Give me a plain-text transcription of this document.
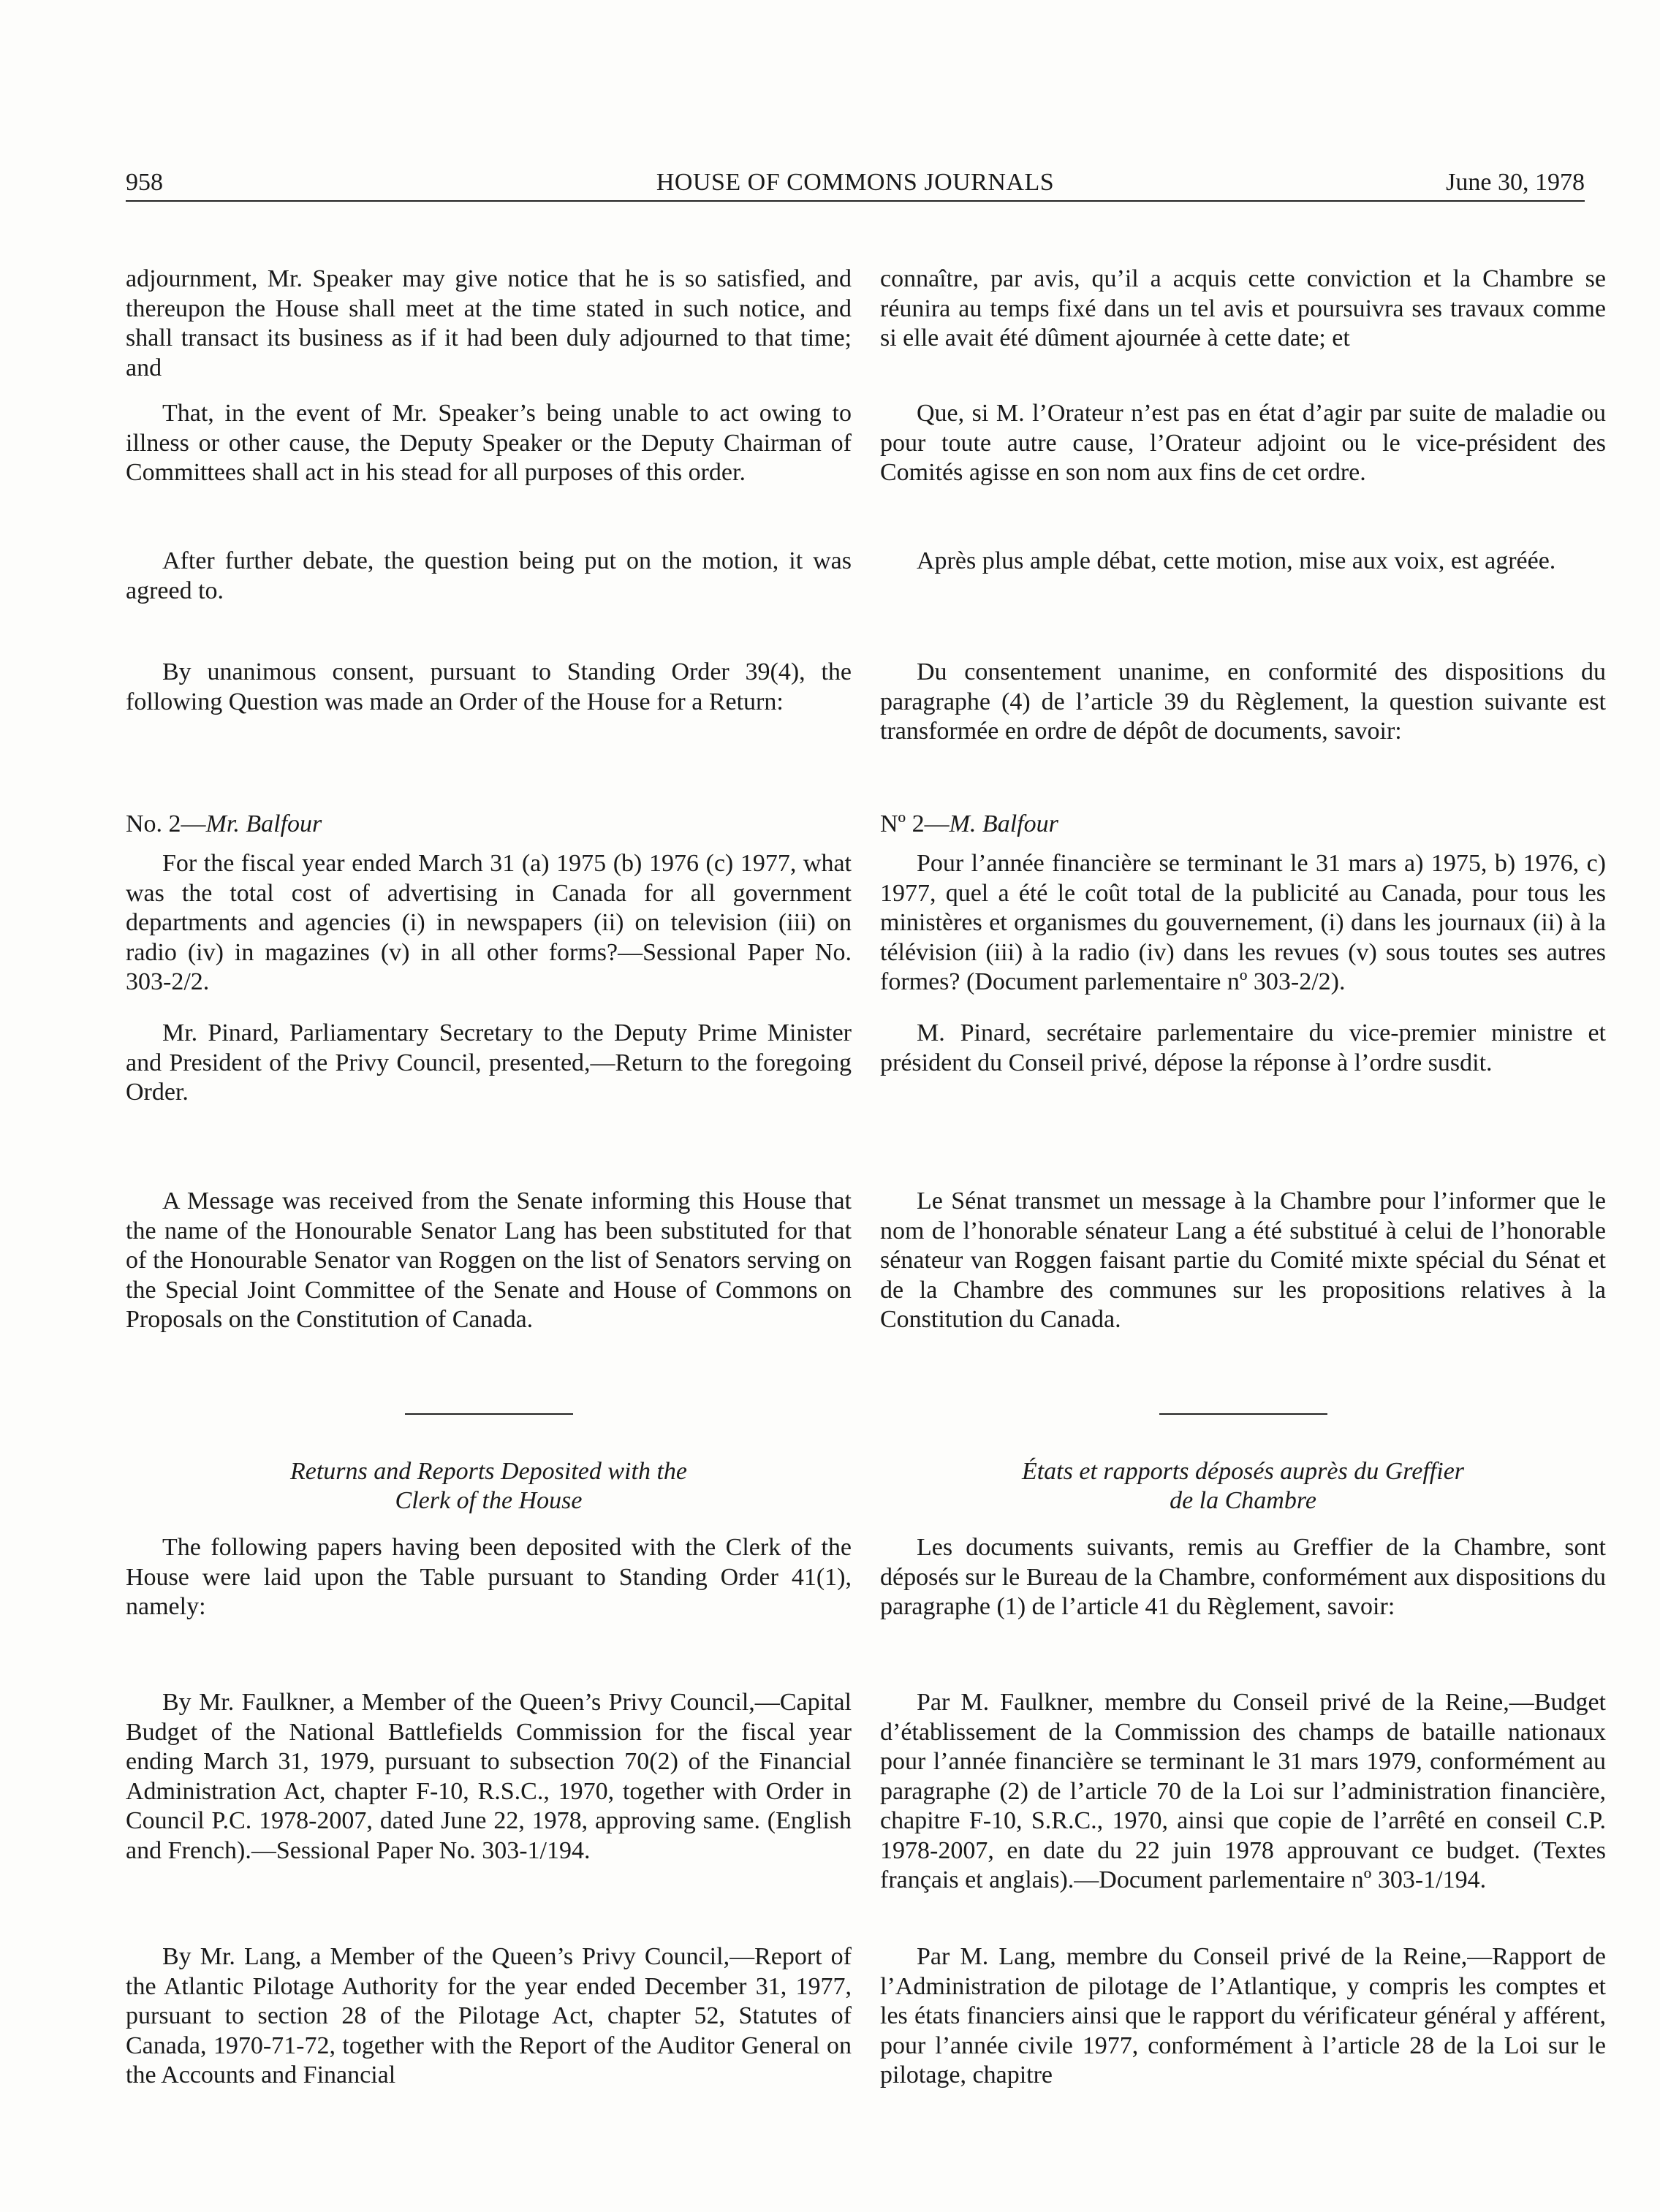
958	HOUSE OF COMMONS JOURNALS	June 30, 1978

adjournment, Mr. Speaker may give notice that he is so satisfied, and thereupon the House shall meet at the time stated in such notice, and shall transact its business as if it had been duly adjourned to that time; and

That, in the event of Mr. Speaker’s being unable to act owing to illness or other cause, the Deputy Speaker or the Deputy Chairman of Committees shall act in his stead for all purposes of this order.

After further debate, the question being put on the motion, it was agreed to.

By unanimous consent, pursuant to Standing Order 39(4), the following Question was made an Order of the House for a Return:

No. 2—Mr. Balfour

For the fiscal year ended March 31 (a) 1975 (b) 1976 (c) 1977, what was the total cost of advertising in Canada for all government departments and agencies (i) in newspapers (ii) on television (iii) on radio (iv) in magazines (v) in all other forms?—Sessional Paper No. 303-2/2.

Mr. Pinard, Parliamentary Secretary to the Deputy Prime Minister and President of the Privy Council, presented,—Return to the foregoing Order.

A Message was received from the Senate informing this House that the name of the Honourable Senator Lang has been substituted for that of the Honourable Senator van Roggen on the list of Senators serving on the Special Joint Committee of the Senate and House of Commons on Proposals on the Constitution of Canada.

Returns and Reports Deposited with the
Clerk of the House

The following papers having been deposited with the Clerk of the House were laid upon the Table pursuant to Standing Order 41(1), namely:

By Mr. Faulkner, a Member of the Queen’s Privy Council,—Capital Budget of the National Battlefields Commission for the fiscal year ending March 31, 1979, pursuant to subsection 70(2) of the Financial Administration Act, chapter F-10, R.S.C., 1970, together with Order in Council P.C. 1978-2007, dated June 22, 1978, approving same. (English and French).—Sessional Paper No. 303-1/194.

By Mr. Lang, a Member of the Queen’s Privy Council,—Report of the Atlantic Pilotage Authority for the year ended December 31, 1977, pursuant to section 28 of the Pilotage Act, chapter 52, Statutes of Canada, 1970-71-72, together with the Report of the Auditor General on the Accounts and Financial

connaître, par avis, qu’il a acquis cette conviction et la Chambre se réunira au temps fixé dans un tel avis et poursuivra ses travaux comme si elle avait été dûment ajournée à cette date; et

Que, si M. l’Orateur n’est pas en état d’agir par suite de maladie ou pour toute autre cause, l’Orateur adjoint ou le vice-président des Comités agisse en son nom aux fins de cet ordre.

Après plus ample débat, cette motion, mise aux voix, est agréée.

Du consentement unanime, en conformité des dispositions du paragraphe (4) de l’article 39 du Règlement, la question suivante est transformée en ordre de dépôt de documents, savoir:

Nº 2—M. Balfour

Pour l’année financière se terminant le 31 mars a) 1975, b) 1976, c) 1977, quel a été le coût total de la publicité au Canada, pour tous les ministères et organismes du gouvernement, (i) dans les journaux (ii) à la télévision (iii) à la radio (iv) dans les revues (v) sous toutes ses autres formes? (Document parlementaire nº 303-2/2).

M. Pinard, secrétaire parlementaire du vice-premier ministre et président du Conseil privé, dépose la réponse à l’ordre susdit.

Le Sénat transmet un message à la Chambre pour l’informer que le nom de l’honorable sénateur Lang a été substitué à celui de l’honorable sénateur van Roggen faisant partie du Comité mixte spécial du Sénat et de la Chambre des communes sur les propositions relatives à la Constitution du Canada.

États et rapports déposés auprès du Greffier
de la Chambre

Les documents suivants, remis au Greffier de la Chambre, sont déposés sur le Bureau de la Chambre, conformément aux dispositions du paragraphe (1) de l’article 41 du Règlement, savoir:

Par M. Faulkner, membre du Conseil privé de la Reine,—Budget d’établissement de la Commission des champs de bataille nationaux pour l’année financière se terminant le 31 mars 1979, conformément au paragraphe (2) de l’article 70 de la Loi sur l’administration financière, chapitre F-10, S.R.C., 1970, ainsi que copie de l’arrêté en conseil C.P. 1978-2007, en date du 22 juin 1978 approuvant ce budget. (Textes français et anglais).—Document parlementaire nº 303-1/194.

Par M. Lang, membre du Conseil privé de la Reine,—Rapport de l’Administration de pilotage de l’Atlantique, y compris les comptes et les états financiers ainsi que le rapport du vérificateur général y afférent, pour l’année civile 1977, conformément à l’article 28 de la Loi sur le pilotage, chapitre
